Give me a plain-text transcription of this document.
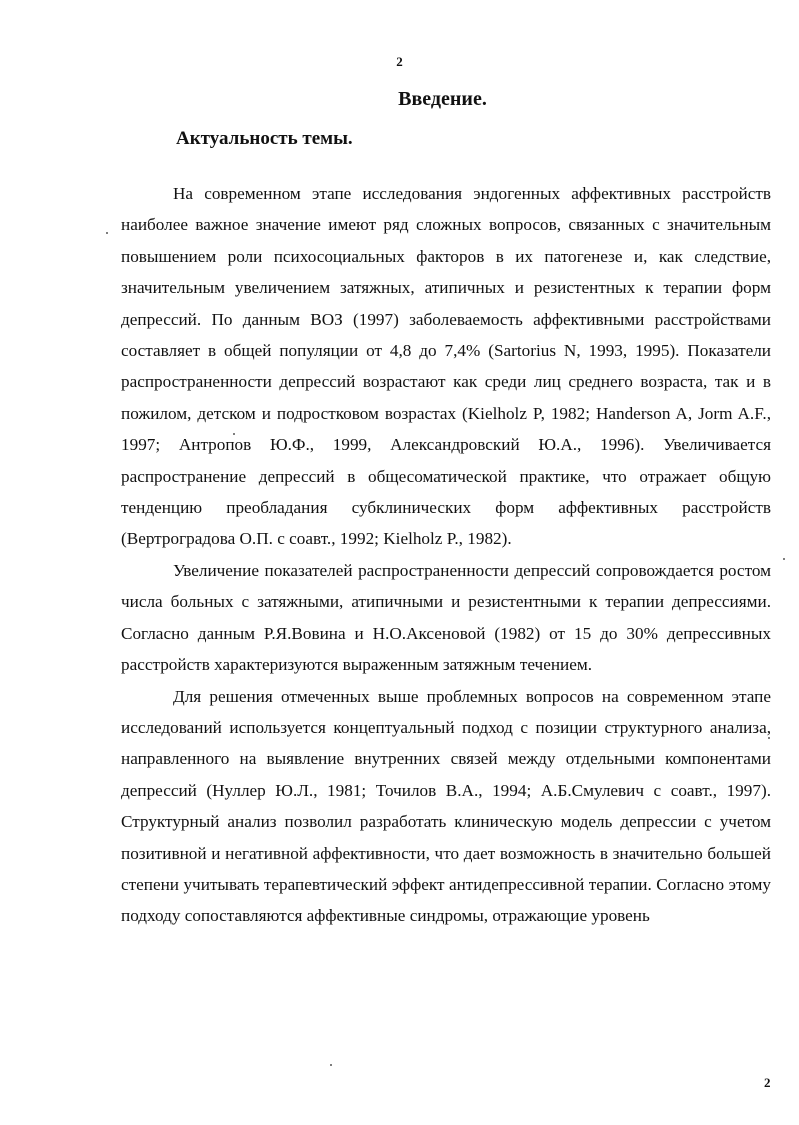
2
Введение.
Актуальность темы.

На современном этапе исследования эндогенных аффективных расстройств наиболее важное значение имеют ряд сложных вопросов, связанных с значительным повышением роли психосоциальных факторов в их патогенезе и, как следствие, значительным увеличением затяжных, атипичных и резистентных к терапии форм депрессий. По данным ВОЗ (1997) заболеваемость аффективными расстройствами составляет в общей популяции от 4,8 до 7,4% (Sartorius N, 1993, 1995). Показатели распространенности депрессий возрастают как среди лиц среднего возраста, так и в пожилом, детском и подростковом возрастах (Kielholz P, 1982; Handerson A, Jorm A.F., 1997; Антропов Ю.Ф., 1999, Александровский Ю.А., 1996). Увеличивается распространение депрессий в общесоматической практике, что отражает общую тенденцию преобладания субклинических форм аффективных расстройств (Вертроградова О.П. с соавт., 1992; Kielholz P., 1982).

Увеличение показателей распространенности депрессий сопровождается ростом числа больных с затяжными, атипичными и резистентными к терапии депрессиями. Согласно данным Р.Я.Вовина и Н.О.Аксеновой (1982) от 15 до 30% депрессивных расстройств характеризуются выраженным затяжным течением.

Для решения отмеченных выше проблемных вопросов на современном этапе исследований используется концептуальный подход с позиции структурного анализа, направленного на выявление внутренних связей между отдельными компонентами депрессий (Нуллер Ю.Л., 1981; Точилов В.А., 1994; А.Б.Смулевич с соавт., 1997). Структурный анализ позволил разработать клиническую модель депрессии с учетом позитивной и негативной аффективности, что дает возможность в значительно большей степени учитывать терапевтический эффект антидепрессивной терапии. Согласно этому подходу сопоставляются аффективные синдромы, отражающие уровень

2
